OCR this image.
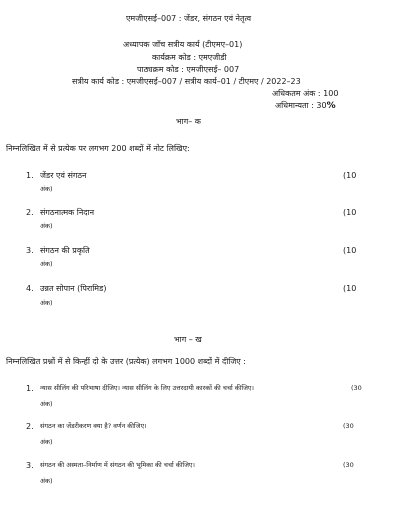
एमजीएसई–007 : जेंडर, संगठन एवं नेतृत्व
अध्यापक जाँच सत्रीय कार्य (टीएमए–01)
कार्यक्रम कोड : एमएजीडी
पाठ्यक्रम कोड : एमजीएसई– 007
सत्रीय कार्य कोड : एमजीएसई–007 / सत्रीय कार्य–01 / टीएमए / 2022–23
अधिकतम अंक : 100
अधिमान्यता : 30%
भाग– क
निम्नलिखित में से प्रत्येक पर लगभग 200 शब्दों में नोट लिखिए:
1. जेंडर एवं संगठन	(10
अंक)
2. संगठनात्मक निदान	(10
अंक)
3. संगठन की प्रकृति	(10
अंक)
4. उन्नत सोपान (पिरामिड)	(10
अंक)
भाग – ख
निम्नलिखित प्रश्नों में से किन्हीं दो के उत्तर (प्रत्येक) लगभग 1000 शब्दों में दीजिए :
1. न्यास सीलिंग की परिभाषा दीजिए। न्यास सीलिंग के लिए उत्तरदायी कारकों की चर्चा कीजिए।	(30
अंक)
2. संगठन का जेंडरीकरण क्या है? वर्णन कीजिए।	(30
अंक)
3. संगठन की अस्मता–निर्माण में संगठन की भूमिका की चर्चा कीजिए।	(30
अंक)
